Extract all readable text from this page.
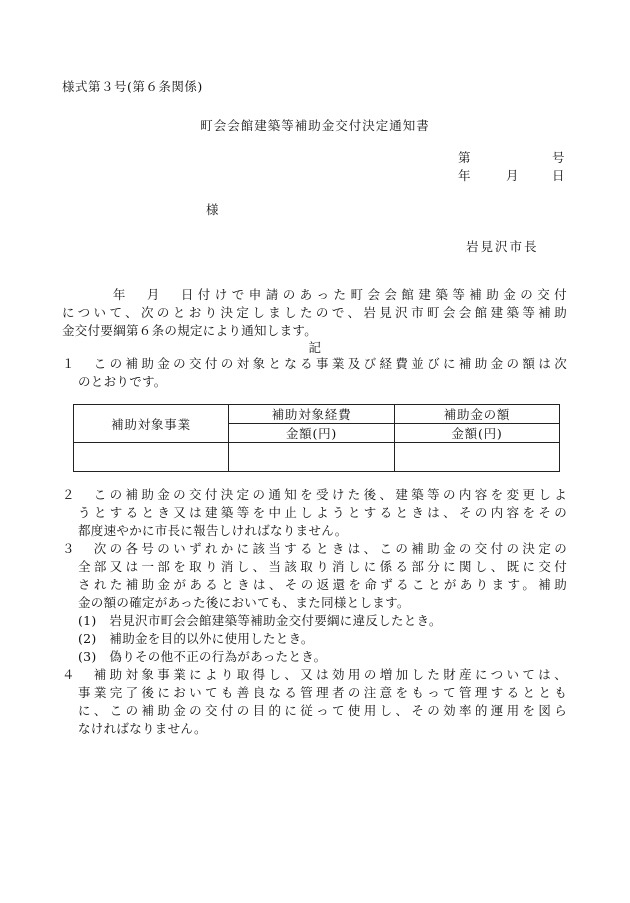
様式第３号(第６条関係)
町会会館建築等補助金交付決定通知書
第	号
年	月	日
様
岩見沢市長
　　　年　月　日付けで申請のあった町会会館建築等補助金の交付
について、次のとおり決定しましたので、岩見沢市町会会館建築等補助
金交付要綱第６条の規定により通知します。
記
１　この補助金の交付の対象となる事業及び経費並びに補助金の額は次
のとおりです。
補助対象事業	補助対象経費	補助金の額
	金額(円)	金額(円)

２　この補助金の交付決定の通知を受けた後、建築等の内容を変更しよ
うとするとき又は建築等を中止しようとするときは、その内容をその
都度速やかに市長に報告しければなりません。
３　次の各号のいずれかに該当するときは、この補助金の交付の決定の
全部又は一部を取り消し、当該取り消しに係る部分に関し、既に交付
された補助金があるときは、その返還を命ずることがあります。補助
金の額の確定があった後においても、また同様とします。
(1)　岩見沢市町会会館建築等補助金交付要綱に違反したとき。
(2)　補助金を目的以外に使用したとき。
(3)　偽りその他不正の行為があったとき。
４　補助対象事業により取得し、又は効用の増加した財産については、
事業完了後においても善良なる管理者の注意をもって管理するととも
に、この補助金の交付の目的に従って使用し、その効率的運用を図ら
なければなりません。
